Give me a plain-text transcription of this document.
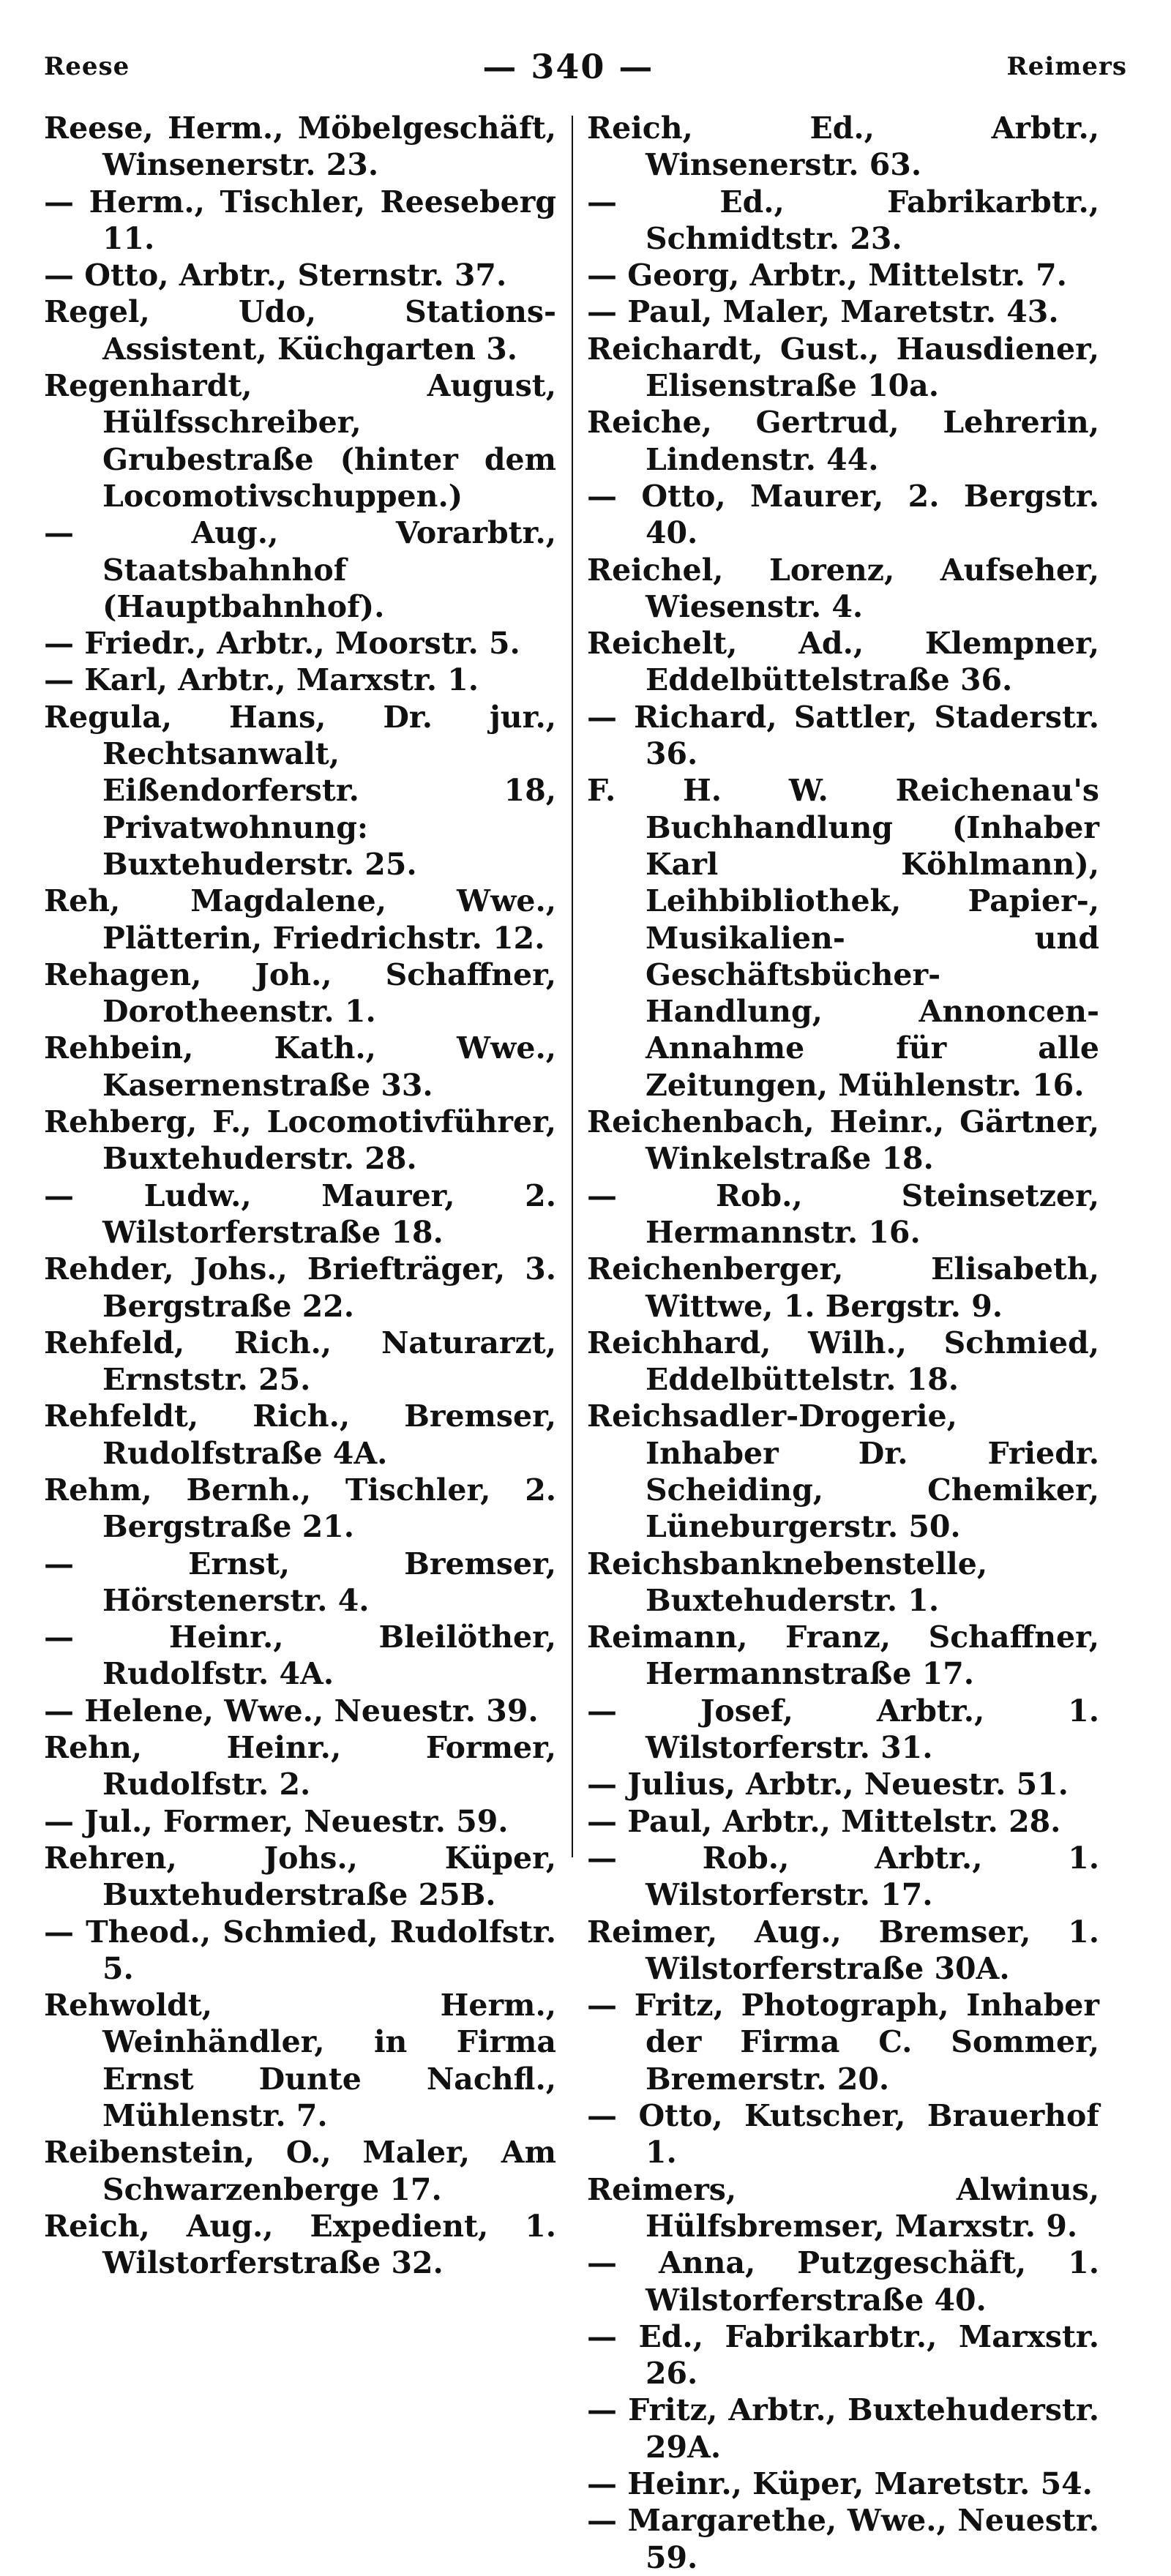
Reese	— 340 —	Reimers

Reese, Herm., Möbelgeschäft, Winsenerstr. 23.

— Herm., Tischler, Reeseberg 11.

— Otto, Arbtr., Sternstr. 37.

Regel, Udo, Stations-Assistent, Küchgarten 3.

Regenhardt, August, Hülfsschreiber, Grubestraße (hinter dem Locomotivschuppen.)

— Aug., Vorarbtr., Staatsbahnhof (Hauptbahnhof).

— Friedr., Arbtr., Moorstr. 5.

— Karl, Arbtr., Marxstr. 1.

Regula, Hans, Dr. jur., Rechtsanwalt, Eißendorferstr. 18, Privatwohnung: Buxtehuderstr. 25.

Reh, Magdalene, Wwe., Plätterin, Friedrichstr. 12.

Rehagen, Joh., Schaffner, Dorotheenstr. 1.

Rehbein, Kath., Wwe., Kasernenstraße 33.

Rehberg, F., Locomotivführer, Buxtehuderstr. 28.

— Ludw., Maurer, 2. Wilstorferstraße 18.

Rehder, Johs., Briefträger, 3. Bergstraße 22.

Rehfeld, Rich., Naturarzt, Ernststr. 25.

Rehfeldt, Rich., Bremser, Rudolfstraße 4A.

Rehm, Bernh., Tischler, 2. Bergstraße 21.

— Ernst, Bremser, Hörstenerstr. 4.

— Heinr., Bleilöther, Rudolfstr. 4A.

— Helene, Wwe., Neuestr. 39.

Rehn, Heinr., Former, Rudolfstr. 2.

— Jul., Former, Neuestr. 59.

Rehren, Johs., Küper, Buxtehuderstraße 25B.

— Theod., Schmied, Rudolfstr. 5.

Rehwoldt, Herm., Weinhändler, in Firma Ernst Dunte Nachfl., Mühlenstr. 7.

Reibenstein, O., Maler, Am Schwarzenberge 17.

Reich, Aug., Expedient, 1. Wilstorferstraße 32.

Reich, Ed., Arbtr., Winsenerstr. 63.

— Ed., Fabrikarbtr., Schmidtstr. 23.

— Georg, Arbtr., Mittelstr. 7.

— Paul, Maler, Maretstr. 43.

Reichardt, Gust., Hausdiener, Elisenstraße 10a.

Reiche, Gertrud, Lehrerin, Lindenstr. 44.

— Otto, Maurer, 2. Bergstr. 40.

Reichel, Lorenz, Aufseher, Wiesenstr. 4.

Reichelt, Ad., Klempner, Eddelbüttelstraße 36.

— Richard, Sattler, Staderstr. 36.

F. H. W. Reichenau's Buchhandlung (Inhaber Karl Köhlmann), Leihbibliothek, Papier-, Musikalien- und Geschäftsbücher-Handlung, Annoncen-Annahme für alle Zeitungen, Mühlenstr. 16.

Reichenbach, Heinr., Gärtner, Winkelstraße 18.

— Rob., Steinsetzer, Hermannstr. 16.

Reichenberger, Elisabeth, Wittwe, 1. Bergstr. 9.

Reichhard, Wilh., Schmied, Eddelbüttelstr. 18.

Reichsadler-Drogerie, Inhaber Dr. Friedr. Scheiding, Chemiker, Lüneburgerstr. 50.

Reichsbanknebenstelle, Buxtehuderstr. 1.

Reimann, Franz, Schaffner, Hermannstraße 17.

— Josef, Arbtr., 1. Wilstorferstr. 31.

— Julius, Arbtr., Neuestr. 51.

— Paul, Arbtr., Mittelstr. 28.

— Rob., Arbtr., 1. Wilstorferstr. 17.

Reimer, Aug., Bremser, 1. Wilstorferstraße 30A.

— Fritz, Photograph, Inhaber der Firma C. Sommer, Bremerstr. 20.

— Otto, Kutscher, Brauerhof 1.

Reimers, Alwinus, Hülfsbremser, Marxstr. 9.

— Anna, Putzgeschäft, 1. Wilstorferstraße 40.

— Ed., Fabrikarbtr., Marxstr. 26.

— Fritz, Arbtr., Buxtehuderstr. 29A.

— Heinr., Küper, Maretstr. 54.

— Margarethe, Wwe., Neuestr. 59.
